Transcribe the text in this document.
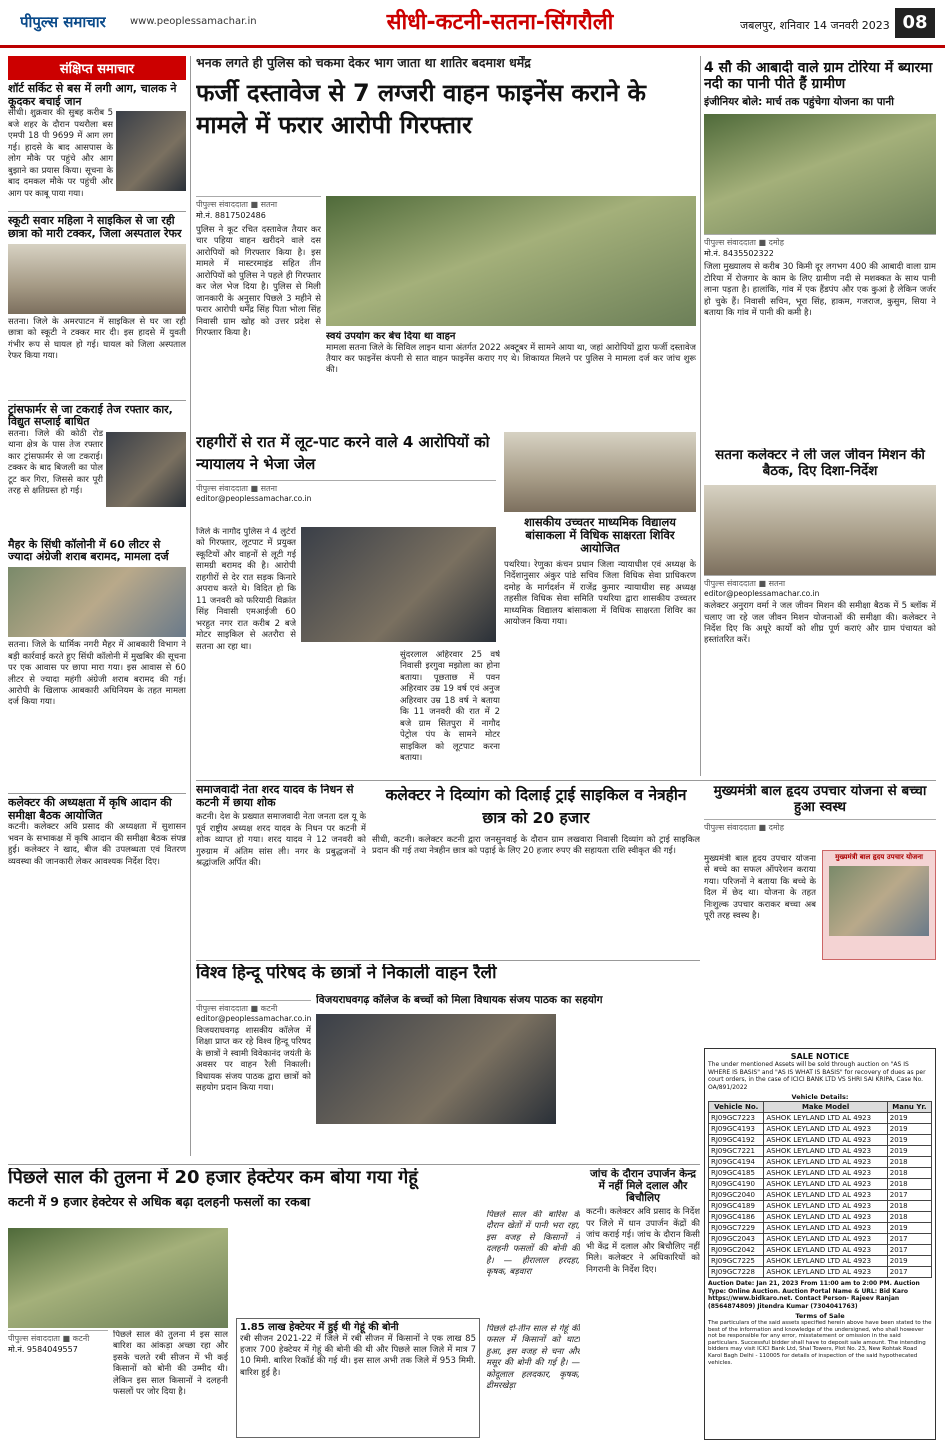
पीपुल्स समाचार www.peoplessamachar.in	सीधी-कटनी-सतना-सिंगरौली	जबलपुर, शनिवार 14 जनवरी 2023 08
संक्षिप्त समाचार
शॉर्ट सर्किट से बस में लगी आग, चालक ने कूदकर बचाई जान
सीधी। शुक्रवार की सुबह करीब 5 बजे शहर के दौरान पथरौला बस एमपी 18 पी 9699 में आग लग गई। हादसे के बाद आसपास के लोग मौके पर पहुंचे और आग बुझाने का प्रयास किया। सूचना के बाद दमकल मौके पर पहुंची और आग पर काबू पाया गया।
स्कूटी सवार महिला ने साइकिल से जा रही छात्रा को मारी टक्कर, जिला अस्पताल रेफर
सतना। जिले के अमरपाटन में साइकिल से घर जा रही छात्रा को स्कूटी ने टक्कर मार दी। इस हादसे में युवती गंभीर रूप से घायल हो गई। घायल को जिला अस्पताल रेफर किया गया।
ट्रांसफार्मर से जा टकराई तेज रफ्तार कार, विद्युत सप्लाई बाधित
सतना। जिले की कोठी रोड थाना क्षेत्र के पास तेज रफ्तार कार ट्रांसफार्मर से जा टकराई। टक्कर के बाद बिजली का पोल टूट कर गिरा, जिससे कार पूरी तरह से क्षतिग्रस्त हो गई।
मैहर के सिंधी कॉलोनी में 60 लीटर से ज्यादा अंग्रेजी शराब बरामद, मामला दर्ज
सतना। जिले के धार्मिक नगरी मैहर में आबकारी विभाग ने बड़ी कार्रवाई करते हुए सिंधी कॉलोनी में मुखबिर की सूचना पर एक आवास पर छापा मारा गया। इस आवास से 60 लीटर से ज्यादा महंगी अंग्रेजी शराब बरामद की गई। आरोपी के खिलाफ आबकारी अधिनियम के तहत मामला दर्ज किया गया।
कलेक्टर की अध्यक्षता में कृषि आदान की समीक्षा बैठक आयोजित
कटनी। कलेक्टर अवि प्रसाद की अध्यक्षता में सुशासन भवन के सभाकक्ष में कृषि आदान की समीक्षा बैठक संपन्न हुई। कलेक्टर ने खाद, बीज की उपलब्धता एवं वितरण व्यवस्था की जानकारी लेकर आवश्यक निर्देश दिए।
भनक लगते ही पुलिस को चकमा देकर भाग जाता था शातिर बदमाश धर्मेंद्र
फर्जी दस्तावेज से 7 लग्जरी वाहन फाइनेंस कराने के मामले में फरार आरोपी गिरफ्तार
पीपुल्स संवाददाता ■ सतना
मो.नं. 8817502486
पुलिस ने कूट रचित दस्तावेज तैयार कर चार पहिया वाहन खरीदने वाले दस आरोपियों को गिरफ्तार किया है। इस मामले में मास्टरमाइंड सहित तीन आरोपियों को पुलिस ने पहले ही गिरफ्तार कर जेल भेज दिया है। पुलिस से मिली जानकारी के अनुसार पिछले 3 महीने से फरार आरोपी धर्मेंद्र सिंह पिता भोला सिंह निवासी ग्राम खोह को उत्तर प्रदेश से गिरफ्तार किया है।	स्वयं उपयोग कर बेच दिया था वाहन
मामला सतना जिले के सिविल लाइन थाना अंतर्गत 2022 अक्टूबर में सामने आया था, जहां आरोपियों द्वारा फर्जी दस्तावेज तैयार कर फाइनेंस कंपनी से सात वाहन फाइनेंस कराए गए थे। शिकायत मिलने पर पुलिस ने मामला दर्ज कर जांच शुरू की।
4 सौ की आबादी वाले ग्राम टोरिया में ब्यारमा नदी का पानी पीते हैं ग्रामीण
इंजीनियर बोले: मार्च तक पहुंचेगा योजना का पानी
पीपुल्स संवाददाता ■ दमोह
मो.नं. 8435502322
जिला मुख्यालय से करीब 30 किमी दूर लगभग 400 की आबादी वाला ग्राम टोरिया में रोजगार के काम के लिए ग्रामीण नदी से मशक्कत के साथ पानी लाना पड़ता है। हालांकि, गांव में एक हैंडपंप और एक कुआं है लेकिन जर्जर हो चुके हैं। निवासी सचिन, भूरा सिंह, हाकम, गजराज, कुसुम, सिया ने बताया कि गांव में पानी की कमी है।
राहगीरों से रात में लूट-पाट करने वाले 4 आरोपियों को न्यायालय ने भेजा जेल
पीपुल्स संवाददाता ■ सतना
editor@peoplessamachar.co.in
जिले के नागौद पुलिस ने 4 लुटेरों को गिरफ्तार, लूटपाट में प्रयुक्त स्कूटियों और वाहनों से लूटी गई सामग्री बरामद की है। आरोपी राहगीरों से देर रात सड़क किनारे अपराध करते थे। विदित हो कि 11 जनवरी को फरियादी विक्रांत सिंह निवासी एमआईजी 60 भरहुत नगर रात करीब 2 बजे मोटर साइकिल से अतरौरा से सतना आ रहा था।
सुंदरलाल अहिरवार 25 वर्ष निवासी इरगुवा मझोला का होना बताया। पूछताछ में पवन अहिरवार उम्र 19 वर्ष एवं अनुज अहिरवार उम्र 18 वर्ष ने बताया कि 11 जनवरी की रात में 2 बजे ग्राम सितपुरा में नागौद पेट्रोल पंप के सामने मोटर साइकिल को लूटपाट करना बताया।
शासकीय उच्चतर माध्यमिक विद्यालय बांसाकला में विधिक साक्षरता शिविर आयोजित
पथरिया। रेणुका कंचन प्रधान जिला न्यायाधीश एवं अध्यक्ष के निर्देशानुसार अंकुर पांडे सचिव जिला विधिक सेवा प्राधिकरण दमोह के मार्गदर्शन में राजेंद्र कुमार न्यायाधीश सह अध्यक्ष तहसील विधिक सेवा समिति पथरिया द्वारा शासकीय उच्चतर माध्यमिक विद्यालय बांसाकला में विधिक साक्षरता शिविर का आयोजन किया गया।
सतना कलेक्टर ने ली जल जीवन मिशन की बैठक, दिए दिशा-निर्देश
पीपुल्स संवाददाता ■ सतना
editor@peoplessamachar.co.in
कलेक्टर अनुराग वर्मा ने जल जीवन मिशन की समीक्षा बैठक में 5 ब्लॉक में चलाए जा रहे जल जीवन मिशन योजनाओं की समीक्षा की। कलेक्टर ने निर्देश दिए कि अधूरे कार्यों को शीघ्र पूर्ण कराएं और ग्राम पंचायत को हस्तांतरित करें।
समाजवादी नेता शरद यादव के निधन से कटनी में छाया शोक
कटनी। देश के प्रख्यात समाजवादी नेता जनता दल यू के पूर्व राष्ट्रीय अध्यक्ष शरद यादव के निधन पर कटनी में शोक व्याप्त हो गया। शरद यादव ने 12 जनवरी को गुरुग्राम में अंतिम सांस ली। नगर के प्रबुद्धजनों ने श्रद्धांजलि अर्पित की।
कलेक्टर ने दिव्यांग को दिलाई ट्राई साइकिल व नेत्रहीन छात्र को 20 हजार
सीधी, कटनी। कलेक्टर कटनी द्वारा जनसुनवाई के दौरान ग्राम लखवारा निवासी दिव्यांग को ट्राई साइकिल प्रदान की गई तथा नेत्रहीन छात्र को पढ़ाई के लिए 20 हजार रुपए की सहायता राशि स्वीकृत की गई।
मुख्यमंत्री बाल हृदय उपचार योजना से बच्चा हुआ स्वस्थ
पीपुल्स संवाददाता ■ दमोह
मुख्यमंत्री बाल हृदय उपचार योजना से बच्चे का सफल ऑपरेशन कराया गया। परिजनों ने बताया कि बच्चे के दिल में छेद था। योजना के तहत निःशुल्क उपचार कराकर बच्चा अब पूरी तरह स्वस्थ है।
मुख्यमंत्री बाल हृदय उपचार योजना
विश्व हिन्दू परिषद के छात्रों ने निकाली वाहन रैली
पीपुल्स संवाददाता ■ कटनी
editor@peoplessamachar.co.in
विजयराघवगढ़ शासकीय कॉलेज में शिक्षा प्राप्त कर रहे विश्व हिन्दू परिषद के छात्रों ने स्वामी विवेकानंद जयंती के अवसर पर वाहन रैली निकाली। विधायक संजय पाठक द्वारा छात्रों को सहयोग प्रदान किया गया।
विजयराघवगढ़ कॉलेज के बच्चों को मिला विधायक संजय पाठक का सहयोग
SALE NOTICE
The under mentioned Assets will be sold through auction on "AS IS WHERE IS BASIS" and "AS IS WHAT IS BASIS" for recovery of dues as per court orders, in the case of ICICI BANK LTD VS SHRI SAI KRIPA, Case No. OA/891/2022
Vehicle Details:
Vehicle No.	Make Model	Manu Yr.
RJ09GC7223	ASHOK LEYLAND LTD AL 4923	2019
RJ09GC4193	ASHOK LEYLAND LTD AL 4923	2019
RJ09GC4192	ASHOK LEYLAND LTD AL 4923	2019
RJ09GC7221	ASHOK LEYLAND LTD AL 4923	2019
RJ09GC4194	ASHOK LEYLAND LTD AL 4923	2018
RJ09GC4185	ASHOK LEYLAND LTD AL 4923	2018
RJ09GC4190	ASHOK LEYLAND LTD AL 4923	2018
RJ09GC2040	ASHOK LEYLAND LTD AL 4923	2017
RJ09GC4189	ASHOK LEYLAND LTD AL 4923	2018
RJ09GC4186	ASHOK LEYLAND LTD AL 4923	2018
RJ09GC7229	ASHOK LEYLAND LTD AL 4923	2019
RJ09GC2043	ASHOK LEYLAND LTD AL 4923	2017
RJ09GC2042	ASHOK LEYLAND LTD AL 4923	2017
RJ09GC7225	ASHOK LEYLAND LTD AL 4923	2019
RJ09GC7228	ASHOK LEYLAND LTD AL 4923	2017
Auction Date: Jan 21, 2023 From 11:00 am to 2:00 PM. Auction Type: Online Auction. Auction Portal Name & URL: Bid Karo https://www.bidkaro.net. Contact Person- Rajeev Ranjan (8564874809) Jitendra Kumar (7304041763)
Terms of Sale
The particulars of the said assets specified herein above have been stated to the best of the information and knowledge of the undersigned, who shall however not be responsible for any error, misstatement or omission in the said particulars. Successful bidder shall have to deposit sale amount. The intending bidders may visit ICICI Bank Ltd, Shal Towers, Plot No. 23, New Rohtak Road Karol Bagh Delhi - 110005 for details of inspection of the said hypothecated vehicles.
जांच के दौरान उपार्जन केन्द्र में नहीं मिले दलाल और बिचौलिए
कटनी। कलेक्टर अवि प्रसाद के निर्देश पर जिले में धान उपार्जन केंद्रों की जांच कराई गई। जांच के दौरान किसी भी केंद्र में दलाल और बिचौलिए नहीं मिले। कलेक्टर ने अधिकारियों को निगरानी के निर्देश दिए।
पिछले साल की तुलना में 20 हजार हेक्टेयर कम बोया गया गेहूं
कटनी में 9 हजार हेक्टेयर से अधिक बढ़ा दलहनी फसलों का रकबा
पीपुल्स संवाददाता ■ कटनी
मो.नं. 9584049557
पिछले साल की तुलना में इस साल बारिश का आंकड़ा अच्छा रहा और इसके चलते रबी सीजन में भी कई किसानों को बोनी की उम्मीद थी। लेकिन इस साल किसानों ने दलहनी फसलों पर जोर दिया है।
1.85 लाख हेक्टेयर में हुई थी गेहूं की बोनी
रबी सीजन 2021-22 में जिले में रबी सीजन में किसानों ने एक लाख 85 हजार 700 हेक्टेयर में गेहूं की बोनी की थी और पिछले साल जिले में मात्र 7 10 मिमी. बारिश रिकॉर्ड की गई थी। इस साल अभी तक जिले में 953 मिमी. बारिश हुई है।
पिछले साल की बारिश के दौरान खेतों में पानी भरा रहा, इस वजह से किसानों ने दलहनी फसलों की बोनी की है। — हीरालाल हरदहा, कृषक, बड़वारा
पिछले दो-तीन साल से गेहूं की फसल में किसानों को घाटा हुआ, इस वजह से चना और मसूर की बोनी की गई है। — कोदूलाल हलदकार, कृषक, ढीमरखेड़ा
